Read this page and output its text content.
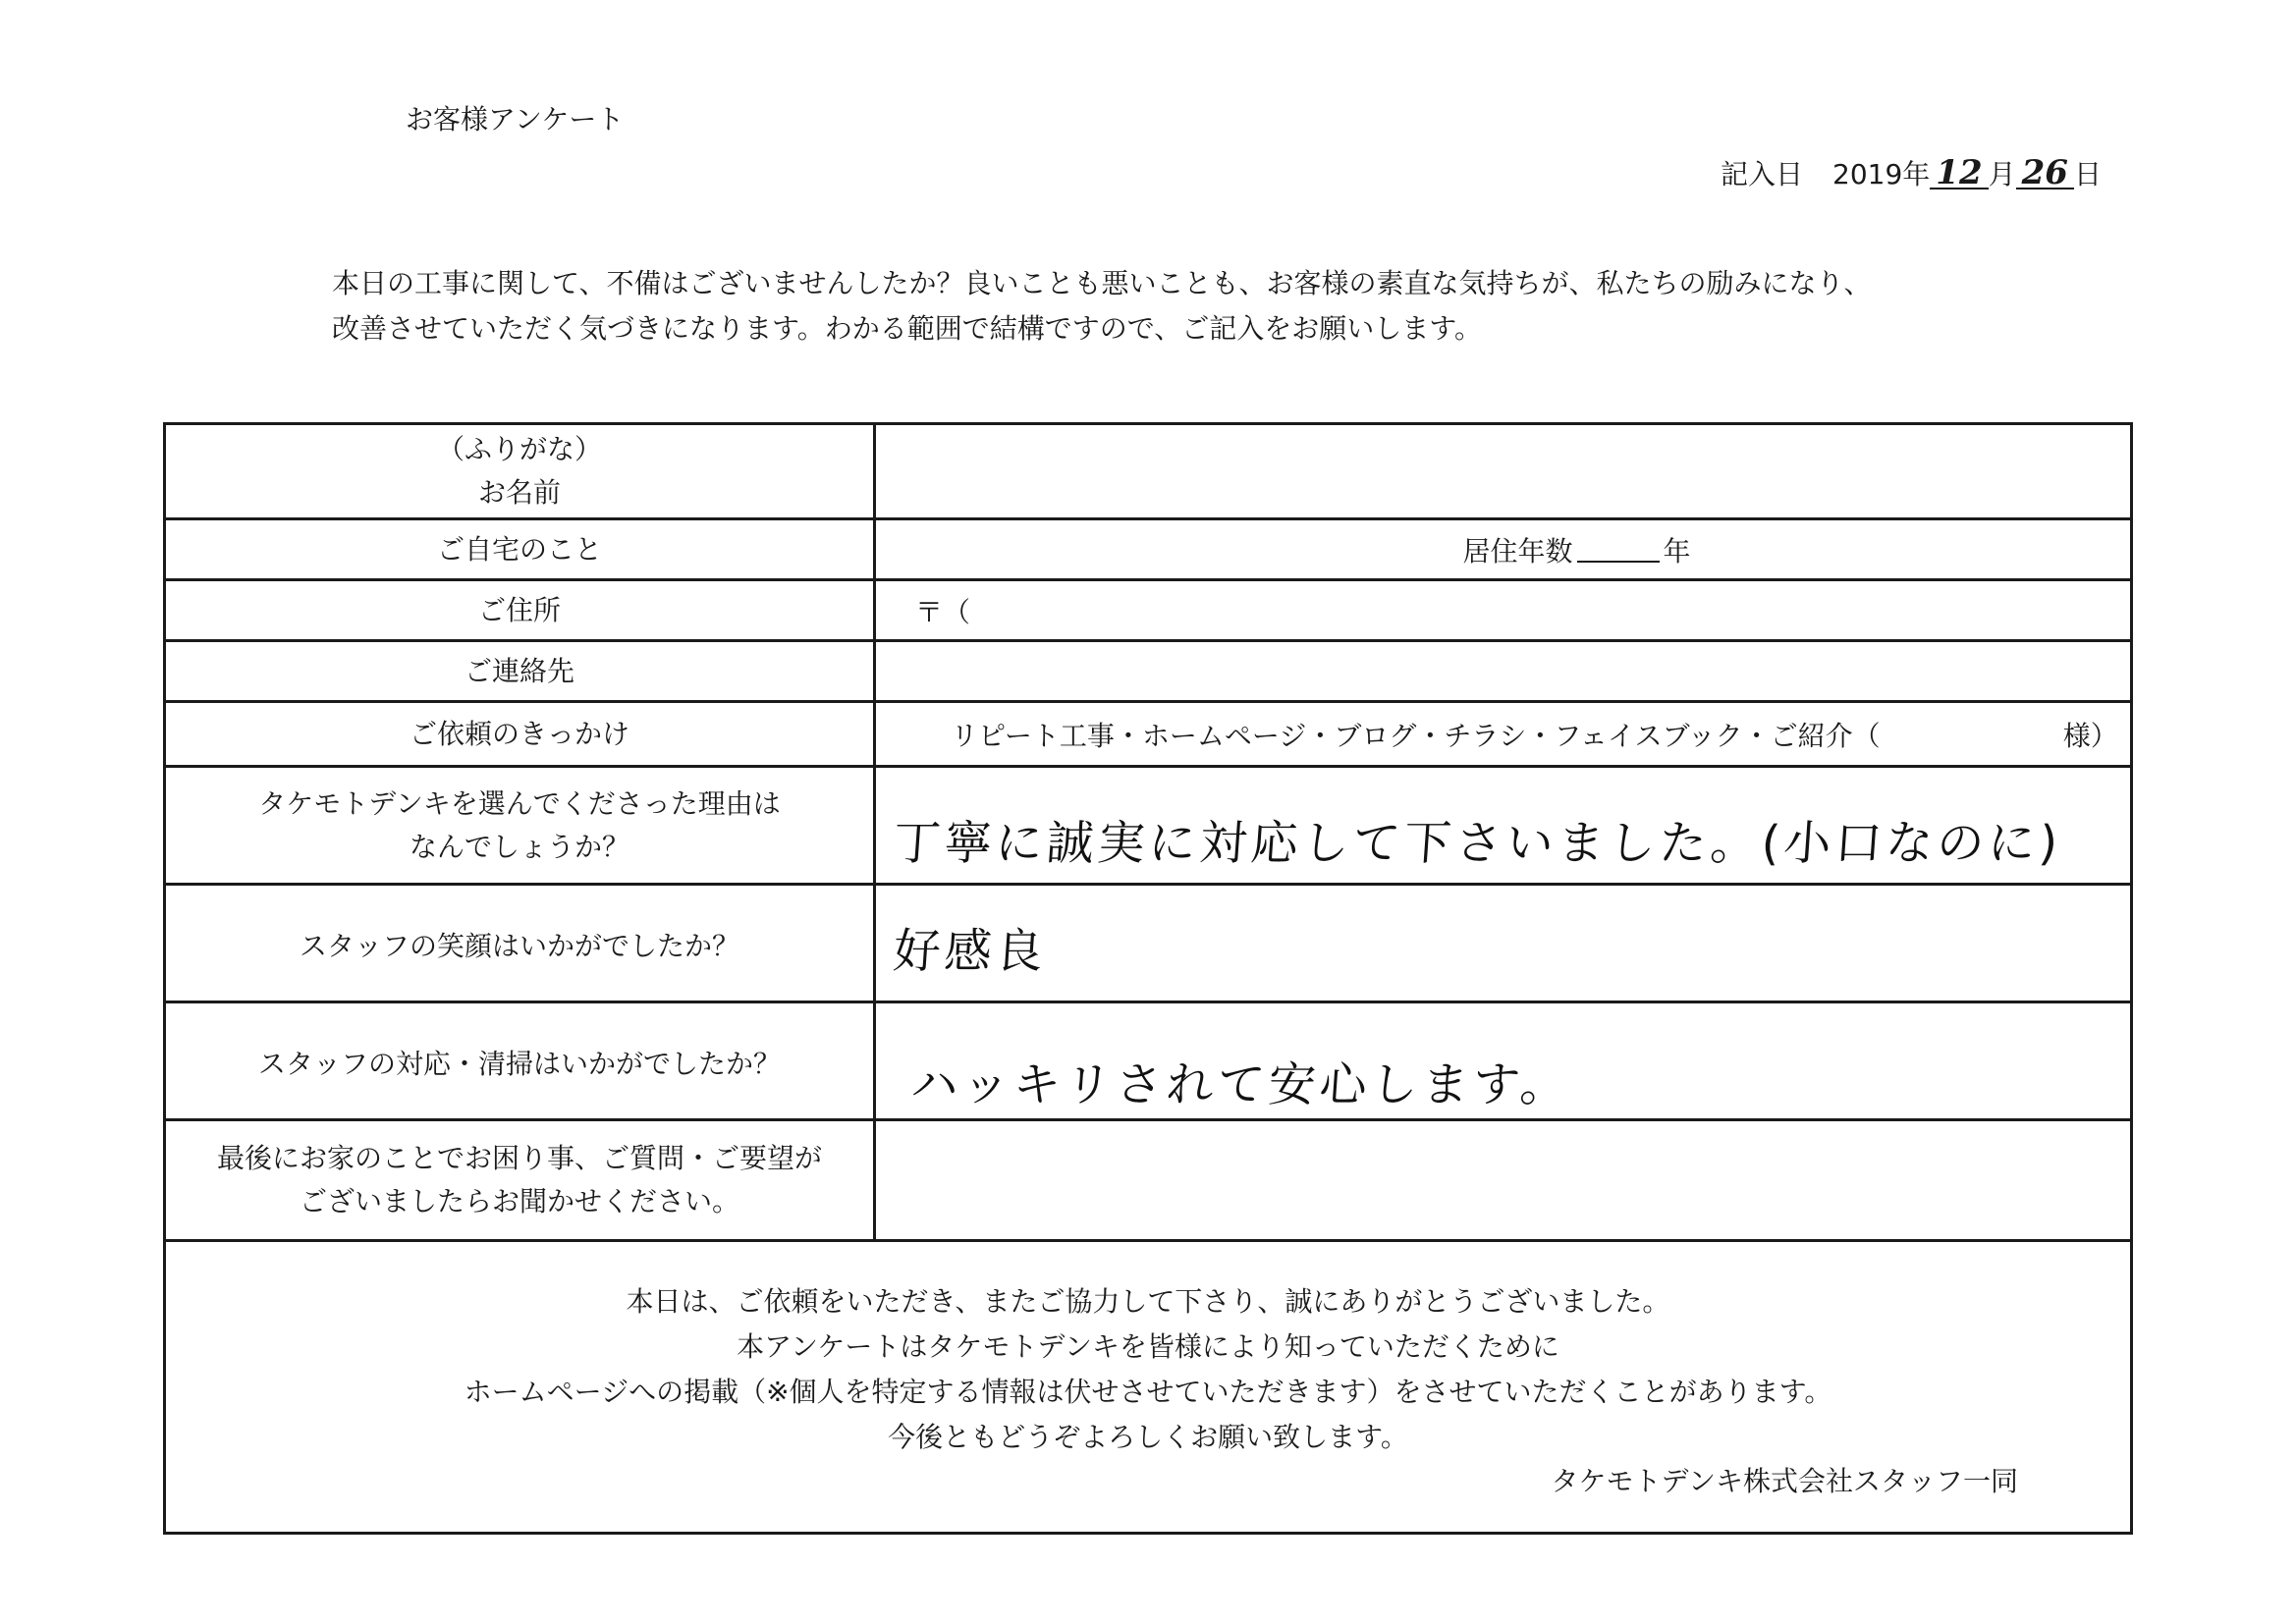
お客様アンケート
記入日 2019年 12 月 26 日
本日の工事に関して、不備はございませんしたか？良いことも悪いことも、お客様の素直な気持ちが、私たちの励みになり、
改善させていただく気づきになります。わかる範囲で結構ですので、ご記入をお願いします。
（ふりがな）
お名前
ご自宅のこと	居住年数	年
ご住所	〒（
ご連絡先
ご依頼のきっかけ	リピート工事・ホームページ・ブログ・チラシ・フェイスブック・ご紹介（	様）
タケモトデンキを選んでくださった理由は
なんでしょうか？	丁寧に誠実に対応して下さいました。(小口なのに)
スタッフの笑顔はいかがでしたか？	好感良
スタッフの対応・清掃はいかがでしたか？	ハッキリされて安心します。
最後にお家のことでお困り事、ご質問・ご要望が
ございましたらお聞かせください。
本日は、ご依頼をいただき、またご協力して下さり、誠にありがとうございました。
本アンケートはタケモトデンキを皆様により知っていただくために
ホームページへの掲載（※個人を特定する情報は伏せさせていただきます）をさせていただくことがあります。
今後ともどうぞよろしくお願い致します。
タケモトデンキ株式会社スタッフ一同
